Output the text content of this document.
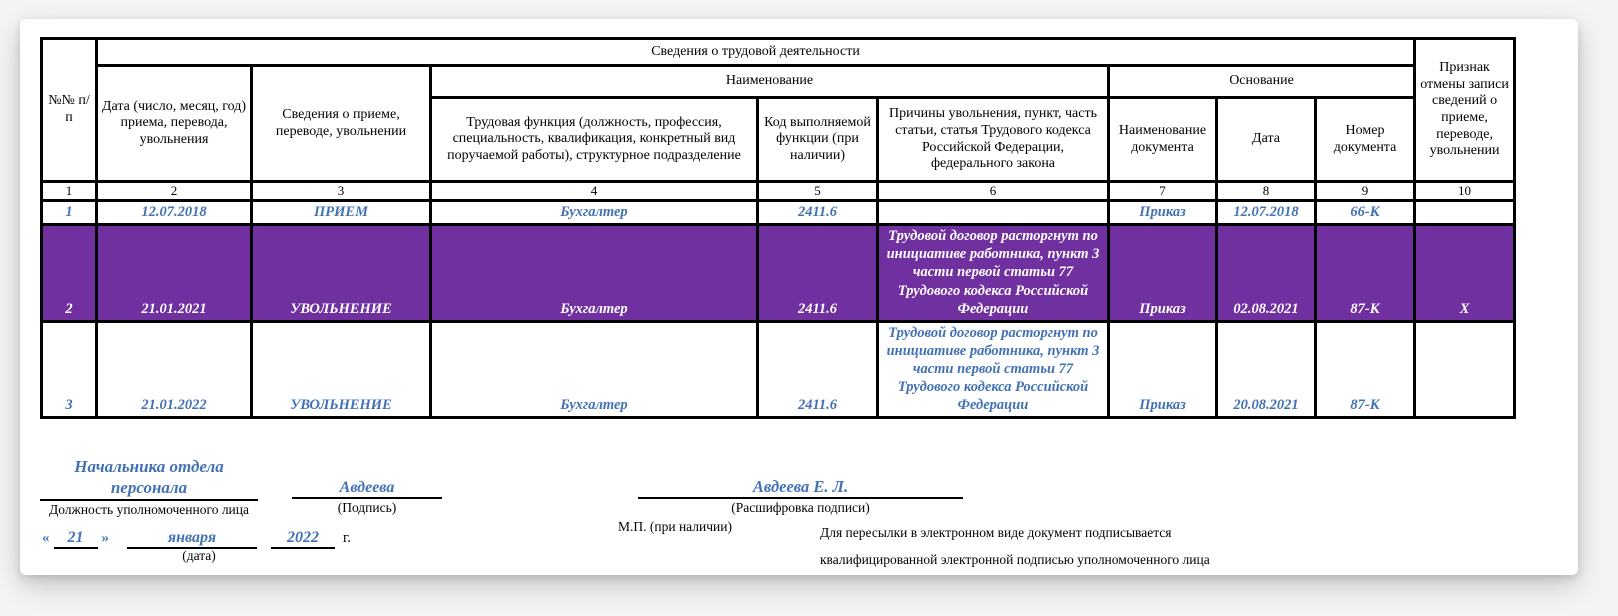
№№ п/п	Сведения о трудовой деятельности								Признак отмены записи сведений о приеме, переводе, увольнении
	Дата (число, месяц, год) приема, перевода, увольнения	Сведения о приеме, переводе, увольнении	Наименование			Основание			
			Трудовая функция (должность, профессия, специальность, квалификация, конкретный вид поручаемой работы), структурное подразделение	Код выполняемой функции (при наличии)	Причины увольнения, пункт, часть статьи, статья Трудового кодекса Российской Федерации, федерального закона	Наименование документа	Дата	Номер документа	
1	2	3	4	5	6	7	8	9	10
1	12.07.2018	ПРИЕМ	Бухгалтер	2411.6		Приказ	12.07.2018	66-К	
2	21.01.2021	УВОЛЬНЕНИЕ	Бухгалтер	2411.6	Трудовой договор расторгнут по инициативе работника, пункт 3 части первой статьи 77 Трудового кодекса Российской Федерации	Приказ	02.08.2021	87-К	Х
3	21.01.2022	УВОЛЬНЕНИЕ	Бухгалтер	2411.6	Трудовой договор расторгнут по инициативе работника, пункт 3 части первой статьи 77 Трудового кодекса Российской Федерации	Приказ	20.08.2021	87-К	
Начальника отдела персонала
Должность уполномоченного лица
Авдеева
(Подпись)
Авдеева Е. Л.
(Расшифровка подписи)
М.П. (при наличии)	Для пересылки в электронном виде документ подписывается
квалифицированной электронной подписью уполномоченного лица
«	21	»	января	2022	г.
(дата)
